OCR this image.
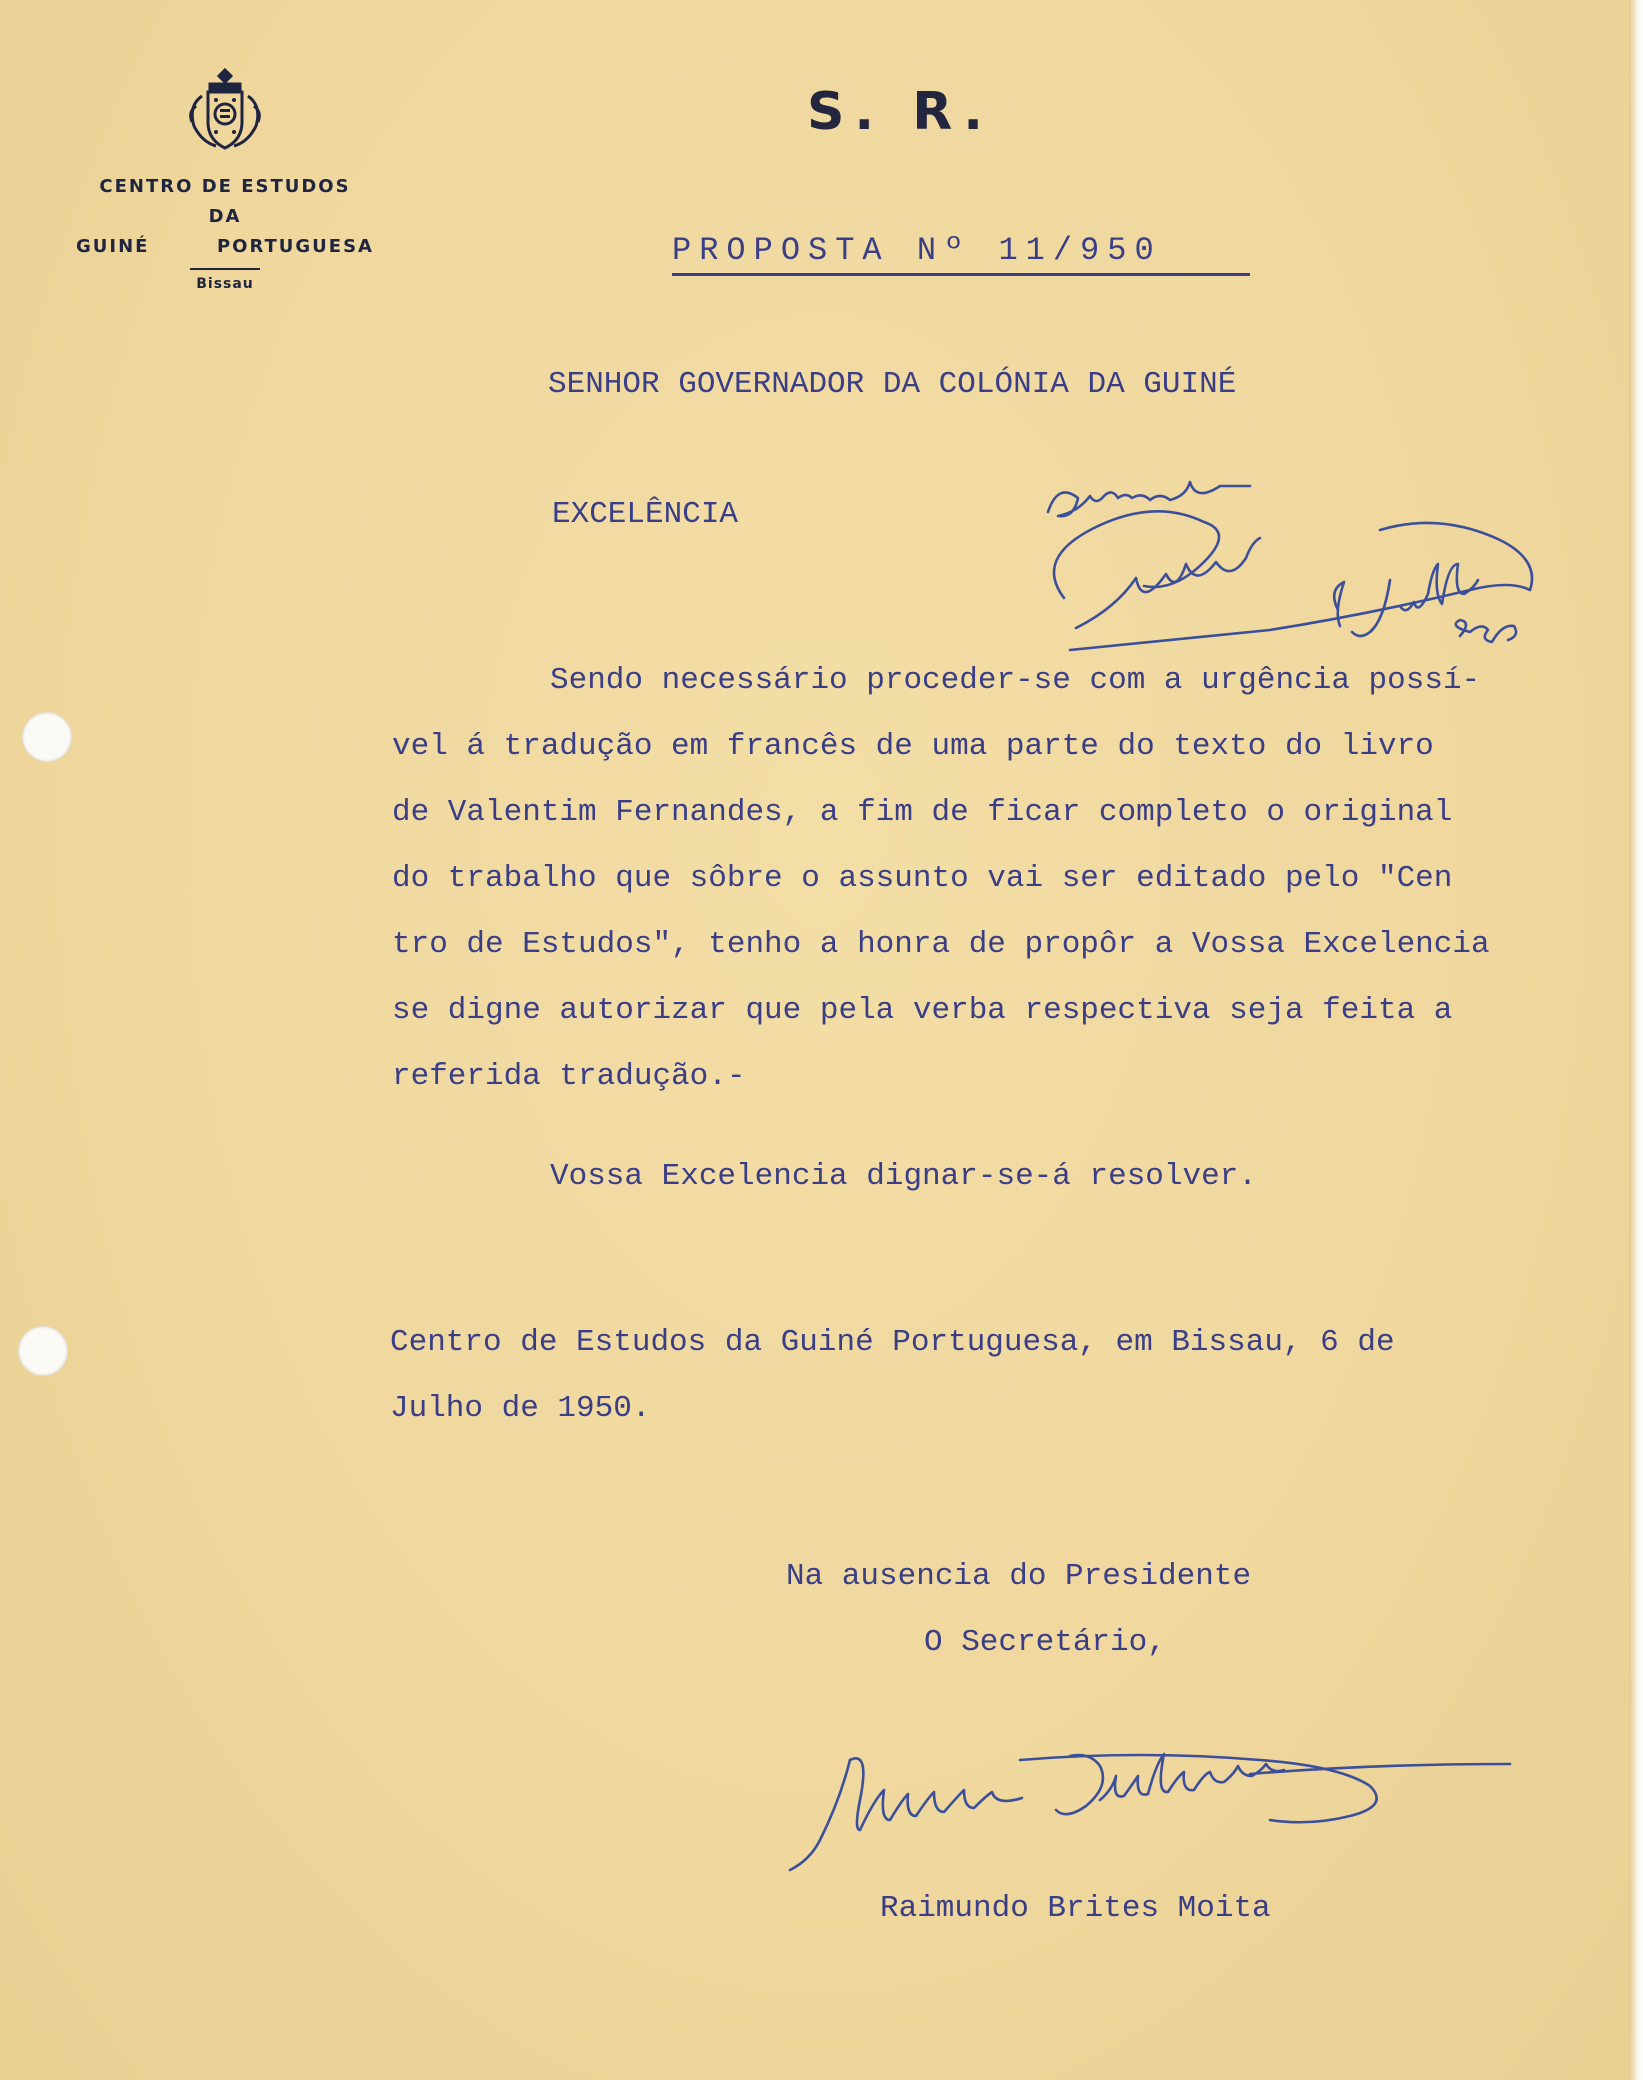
CENTRO DE ESTUDOS
DA
GUINÉ	PORTUGUESA
Bissau
S. R.
PROPOSTA Nº 11/950
SENHOR GOVERNADOR DA COLÓNIA DA GUINÉ
EXCELÊNCIA
Sendo necessário proceder-se com a urgência possí-
vel á tradução em francês de uma parte do texto do livro
de Valentim Fernandes, a fim de ficar completo o original
do trabalho que sôbre o assunto vai ser editado pelo "Cen
tro de Estudos", tenho a honra de propôr a Vossa Excelencia
se digne autorizar que pela verba respectiva seja feita a
referida tradução.-
Vossa Excelencia dignar-se-á resolver.
Centro de Estudos da Guiné Portuguesa, em Bissau, 6 de
Julho de 1950.
Na ausencia do Presidente
O Secretário,
Raimundo Brites Moita
